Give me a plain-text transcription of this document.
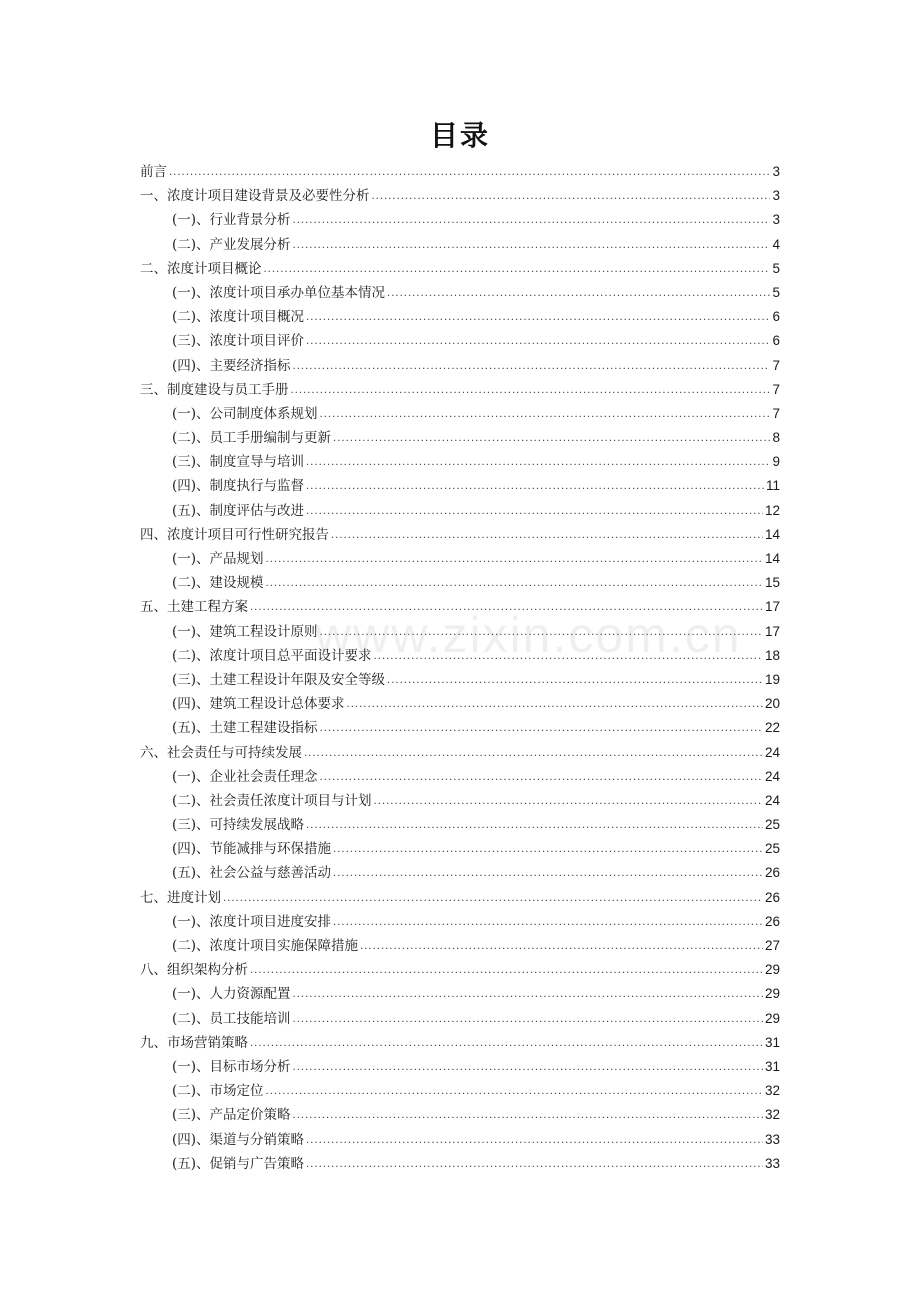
目录
www.zixin.com.cn
前言 .....	3
一、浓度计项目建设背景及必要性分析 .....	3
(一)、行业背景分析 .....	3
(二)、产业发展分析 .....	4
二、浓度计项目概论 .....	5
(一)、浓度计项目承办单位基本情况 .....	5
(二)、浓度计项目概况 .....	6
(三)、浓度计项目评价 .....	6
(四)、主要经济指标 .....	7
三、制度建设与员工手册 .....	7
(一)、公司制度体系规划 .....	7
(二)、员工手册编制与更新 .....	8
(三)、制度宣导与培训 .....	9
(四)、制度执行与监督 .....	11
(五)、制度评估与改进 .....	12
四、浓度计项目可行性研究报告 .....	14
(一)、产品规划 .....	14
(二)、建设规模 .....	15
五、土建工程方案 .....	17
(一)、建筑工程设计原则 .....	17
(二)、浓度计项目总平面设计要求 .....	18
(三)、土建工程设计年限及安全等级 .....	19
(四)、建筑工程设计总体要求 .....	20
(五)、土建工程建设指标 .....	22
六、社会责任与可持续发展 .....	24
(一)、企业社会责任理念 .....	24
(二)、社会责任浓度计项目与计划 .....	24
(三)、可持续发展战略 .....	25
(四)、节能减排与环保措施 .....	25
(五)、社会公益与慈善活动 .....	26
七、进度计划 .....	26
(一)、浓度计项目进度安排 .....	26
(二)、浓度计项目实施保障措施 .....	27
八、组织架构分析 .....	29
(一)、人力资源配置 .....	29
(二)、员工技能培训 .....	29
九、市场营销策略 .....	31
(一)、目标市场分析 .....	31
(二)、市场定位 .....	32
(三)、产品定价策略 .....	32
(四)、渠道与分销策略 .....	33
(五)、促销与广告策略 .....	33
